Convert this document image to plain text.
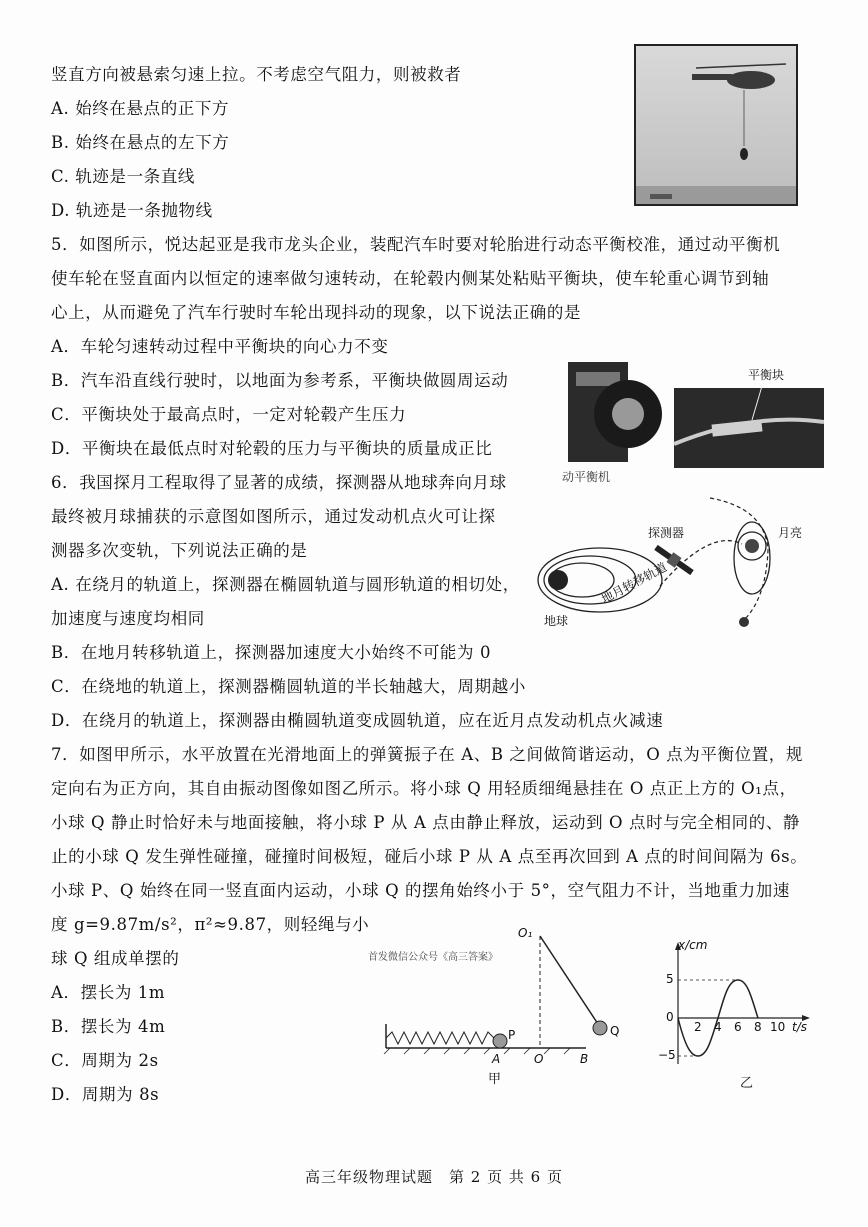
竖直方向被悬索匀速上拉。不考虑空气阻力，则被救者
A. 始终在悬点的正下方
B. 始终在悬点的左下方
C. 轨迹是一条直线
D. 轨迹是一条抛物线
5．如图所示，悦达起亚是我市龙头企业，装配汽车时要对轮胎进行动态平衡校准，通过动平衡机
使车轮在竖直面内以恒定的速率做匀速转动，在轮毂内侧某处粘贴平衡块，使车轮重心调节到轴
心上，从而避免了汽车行驶时车轮出现抖动的现象，以下说法正确的是
A．车轮匀速转动过程中平衡块的向心力不变
B．汽车沿直线行驶时，以地面为参考系，平衡块做圆周运动
C．平衡块处于最高点时，一定对轮毂产生压力
D．平衡块在最低点时对轮毂的压力与平衡块的质量成正比
平衡块
动平衡机
6．我国探月工程取得了显著的成绩，探测器从地球奔向月球
最终被月球捕获的示意图如图所示，通过发动机点火可让探
测器多次变轨，下列说法正确的是
A. 在绕月的轨道上，探测器在椭圆轨道与圆形轨道的相切处，
加速度与速度均相同
B．在地月转移轨道上，探测器加速度大小始终不可能为 0
C．在绕地的轨道上，探测器椭圆轨道的半长轴越大，周期越小
D．在绕月的轨道上，探测器由椭圆轨道变成圆轨道，应在近月点发动机点火减速
探测器	月亮
地球
地月转移轨道
7．如图甲所示，水平放置在光滑地面上的弹簧振子在 A、B 之间做简谐运动，O 点为平衡位置，规
定向右为正方向，其自由振动图像如图乙所示。将小球 Q 用轻质细绳悬挂在 O 点正上方的 O₁点，
小球 Q 静止时恰好未与地面接触，将小球 P 从 A 点由静止释放，运动到 O 点时与完全相同的、静
止的小球 Q 发生弹性碰撞，碰撞时间极短，碰后小球 P 从 A 点至再次回到 A 点的时间间隔为 6s。
小球 P、Q 始终在同一竖直面内运动，小球 Q 的摆角始终小于 5°，空气阻力不计，当地重力加速
度 g=9.87m/s²，π²≈9.87，则轻绳与小
球 Q 组成单摆的
A．摆长为 1m
B．摆长为 4m
C．周期为 2s
D．周期为 8s
O₁
P	Q
A	O	B
甲
首发微信公众号《高三答案》
x/cm
5
0
−5
2 4 6 8 10 t/s
乙
高三年级物理试题　第 2 页 共 6 页
